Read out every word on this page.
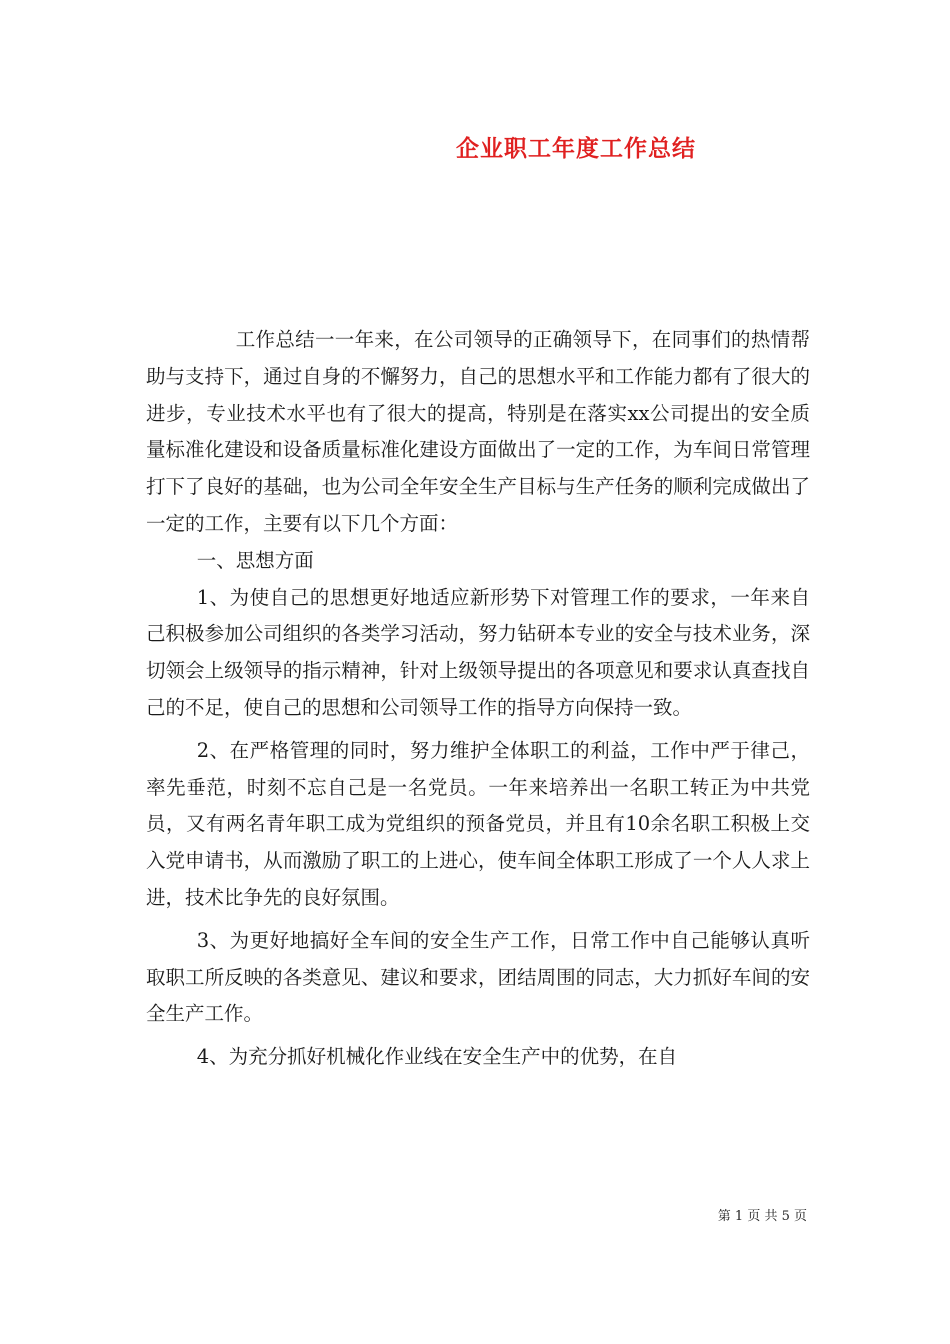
企业职工年度工作总结

工作总结一一年来，在公司领导的正确领导下，在同事们的热情帮助与支持下，通过自身的不懈努力，自己的思想水平和工作能力都有了很大的进步，专业技术水平也有了很大的提高，特别是在落实xx公司提出的安全质量标准化建设和设备质量标准化建设方面做出了一定的工作，为车间日常管理打下了良好的基础，也为公司全年安全生产目标与生产任务的顺利完成做出了一定的工作，主要有以下几个方面：

一、思想方面

1、为使自己的思想更好地适应新形势下对管理工作的要求，一年来自己积极参加公司组织的各类学习活动，努力钻研本专业的安全与技术业务，深切领会上级领导的指示精神，针对上级领导提出的各项意见和要求认真查找自己的不足，使自己的思想和公司领导工作的指导方向保持一致。

2、在严格管理的同时，努力维护全体职工的利益，工作中严于律己，率先垂范，时刻不忘自己是一名党员。一年来培养出一名职工转正为中共党员，又有两名青年职工成为党组织的预备党员，并且有10余名职工积极上交入党申请书，从而激励了职工的上进心，使车间全体职工形成了一个人人求上进，技术比争先的良好氛围。

3、为更好地搞好全车间的安全生产工作，日常工作中自己能够认真听取职工所反映的各类意见、建议和要求，团结周围的同志，大力抓好车间的安全生产工作。

4、为充分抓好机械化作业线在安全生产中的优势，在自

第 1 页 共 5 页
